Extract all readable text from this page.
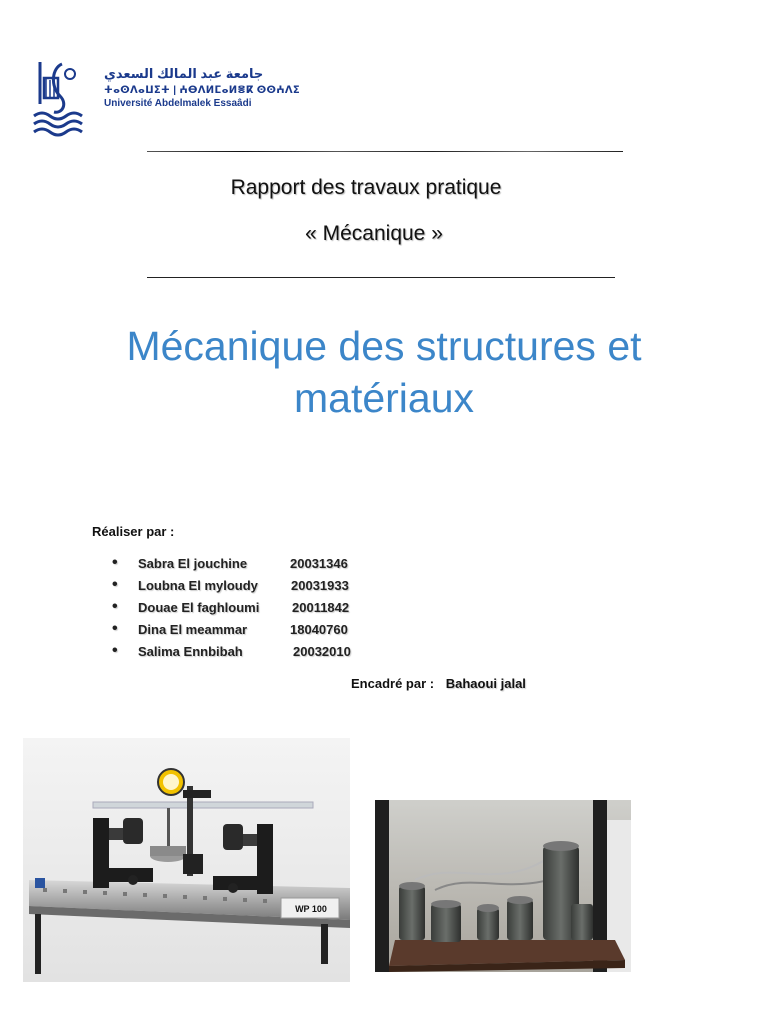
جامعة عبد المالك السعدي
ⵜⴰⵙⴷⴰⵡⵉⵜ | ⵄⴱⴷⵍⵎⴰⵍⴻⴽ ⵙⵙⵄⴷⵉ
Université Abdelmalek Essaâdi
Rapport des travaux pratique
« Mécanique »
Mécanique des structures et
matériaux
Réaliser par :
Sabra El jouchine	20031346
Loubna El myloudy	20031933
Douae El faghloumi	20011842
Dina El meammar	18040760
Salima Ennbibah	20032010
Encadré par : Bahaoui jalal
WP 100
